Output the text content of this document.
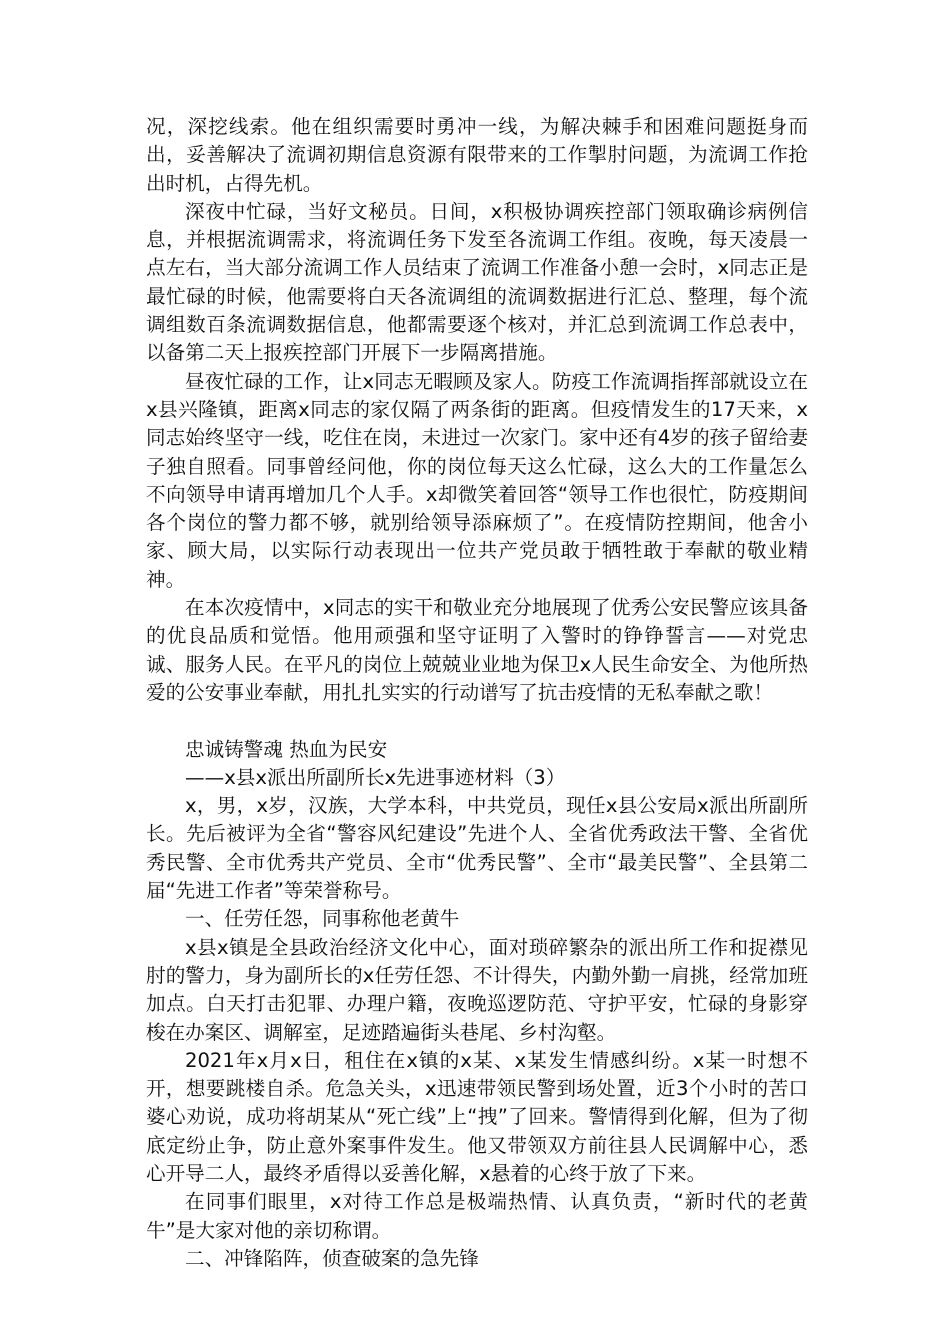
况，深挖线索。他在组织需要时勇冲一线，为解决棘手和困难问题挺身而出，妥善解决了流调初期信息资源有限带来的工作掣肘问题，为流调工作抢出时机，占得先机。

深夜中忙碌，当好文秘员。日间，x积极协调疾控部门领取确诊病例信息，并根据流调需求，将流调任务下发至各流调工作组。夜晚，每天凌晨一点左右，当大部分流调工作人员结束了流调工作准备小憩一会时，x同志正是最忙碌的时候，他需要将白天各流调组的流调数据进行汇总、整理，每个流调组数百条流调数据信息，他都需要逐个核对，并汇总到流调工作总表中，以备第二天上报疾控部门开展下一步隔离措施。

昼夜忙碌的工作，让x同志无暇顾及家人。防疫工作流调指挥部就设立在x县兴隆镇，距离x同志的家仅隔了两条街的距离。但疫情发生的17天来，x同志始终坚守一线，吃住在岗，未进过一次家门。家中还有4岁的孩子留给妻子独自照看。同事曾经问他，你的岗位每天这么忙碌，这么大的工作量怎么不向领导申请再增加几个人手。x却微笑着回答“领导工作也很忙，防疫期间各个岗位的警力都不够，就别给领导添麻烦了”。在疫情防控期间，他舍小家、顾大局，以实际行动表现出一位共产党员敢于牺牲敢于奉献的敬业精神。

在本次疫情中，x同志的实干和敬业充分地展现了优秀公安民警应该具备的优良品质和觉悟。他用顽强和坚守证明了入警时的铮铮誓言——对党忠诚、服务人民。在平凡的岗位上兢兢业业地为保卫x人民生命安全、为他所热爱的公安事业奉献，用扎扎实实的行动谱写了抗击疫情的无私奉献之歌！

忠诚铸警魂 热血为民安

——x县x派出所副所长x先进事迹材料（3）

x，男，x岁，汉族，大学本科，中共党员，现任x县公安局x派出所副所长。先后被评为全省“警容风纪建设”先进个人、全省优秀政法干警、全省优秀民警、全市优秀共产党员、全市“优秀民警”、全市“最美民警”、全县第二届“先进工作者”等荣誉称号。

一、任劳任怨，同事称他老黄牛

x县x镇是全县政治经济文化中心，面对琐碎繁杂的派出所工作和捉襟见肘的警力，身为副所长的x任劳任怨、不计得失，内勤外勤一肩挑，经常加班加点。白天打击犯罪、办理户籍，夜晚巡逻防范、守护平安，忙碌的身影穿梭在办案区、调解室，足迹踏遍街头巷尾、乡村沟壑。

2021年x月x日，租住在x镇的x某、x某发生情感纠纷。x某一时想不开，想要跳楼自杀。危急关头，x迅速带领民警到场处置，近3个小时的苦口婆心劝说，成功将胡某从“死亡线”上“拽”了回来。警情得到化解，但为了彻底定纷止争，防止意外案事件发生。他又带领双方前往县人民调解中心，悉心开导二人，最终矛盾得以妥善化解，x悬着的心终于放了下来。

在同事们眼里，x对待工作总是极端热情、认真负责，“新时代的老黄牛”是大家对他的亲切称谓。

二、冲锋陷阵，侦查破案的急先锋
